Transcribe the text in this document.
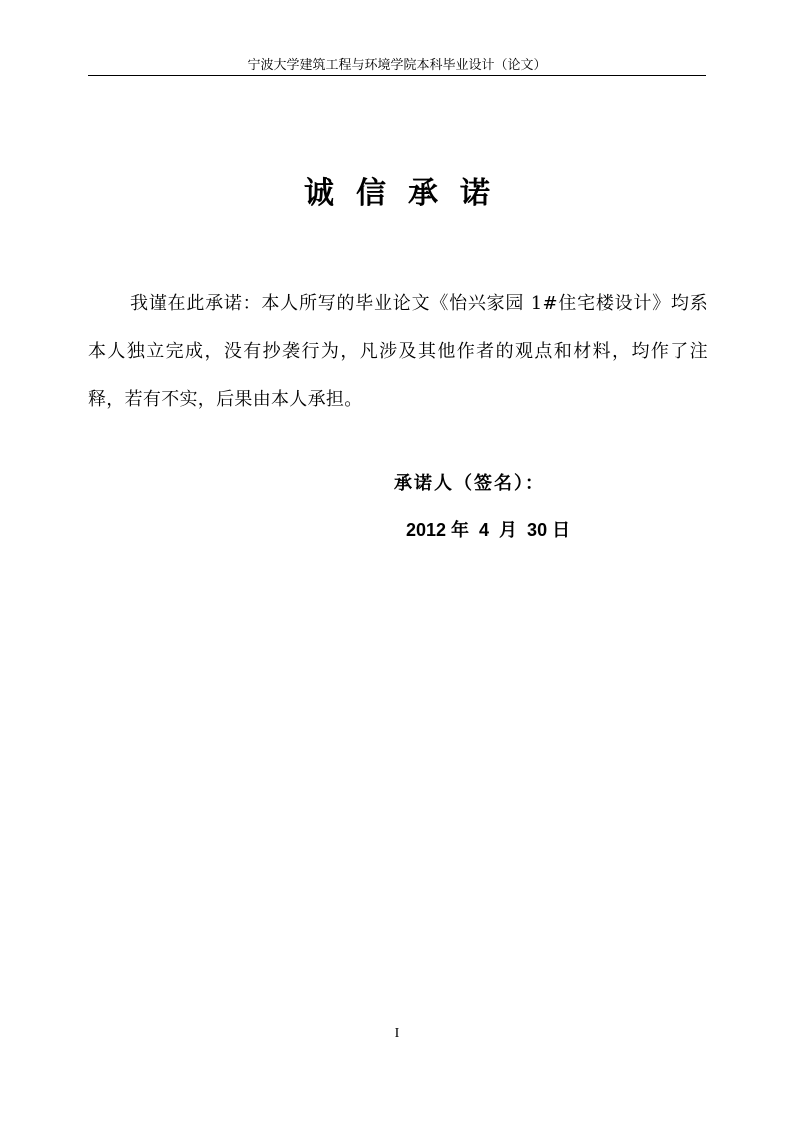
宁波大学建筑工程与环境学院本科毕业设计（论文）
诚信承诺
我谨在此承诺：本人所写的毕业论文《怡兴家园 1#住宅楼设计》均系本人独立完成，没有抄袭行为，凡涉及其他作者的观点和材料，均作了注释，若有不实，后果由本人承担。
承诺人（签名）：
2012 年  4  月  30 日
I
